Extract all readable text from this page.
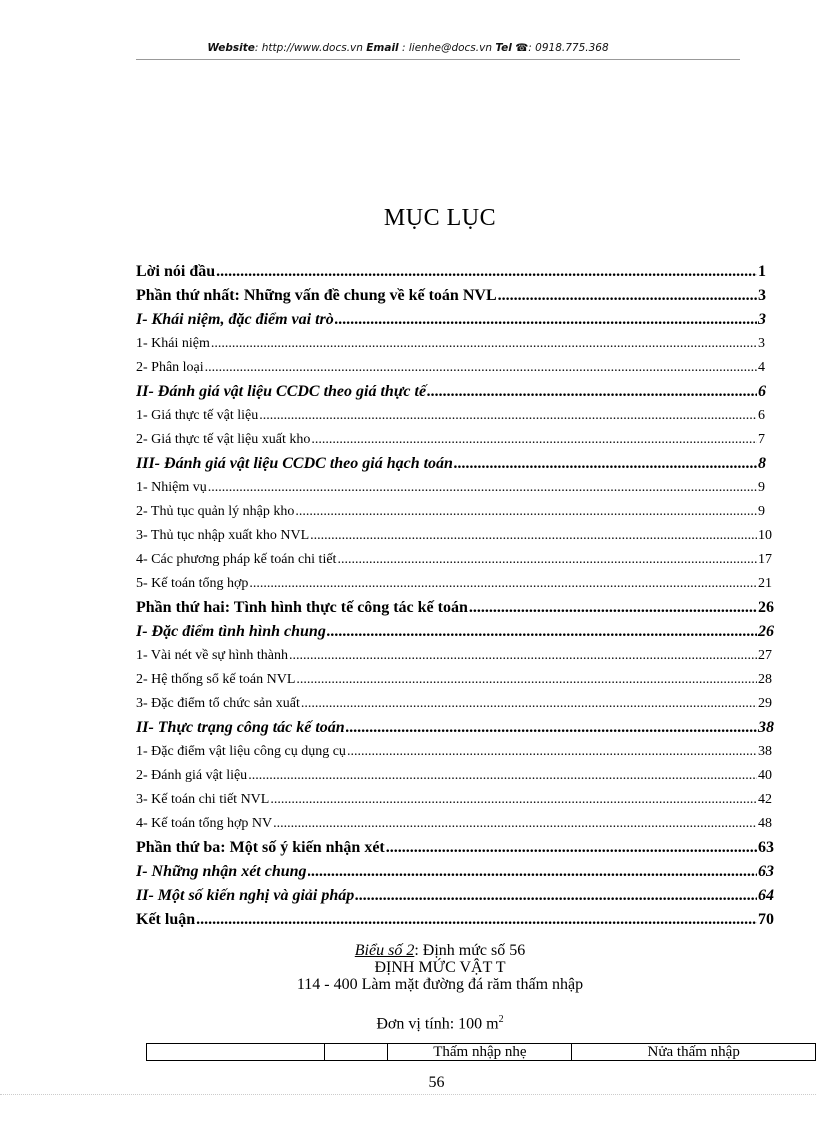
Website: http://www.docs.vn Email : lienhe@docs.vn Tel ☎: 0918.775.368
MỤC LỤC
Lời nói đầu .....	1
Phần thứ nhất: Những vấn đề chung về kế toán NVL .....	3
I- Khái niệm, đặc điểm vai trò .....	3
1- Khái niệm .....	3
2- Phân loại .....	4
II- Đánh giá vật liệu CCDC theo giá thực tế .....	6
1- Giá thực tế vật liệu .....	6
2- Giá thực tế vật liệu xuất kho .....	7
III- Đánh giá vật liệu CCDC theo giá hạch toán .....	8
1- Nhiệm vụ .....	9
2- Thủ tục quản lý nhập kho .....	9
3- Thủ tục nhập xuất kho NVL .....	10
4- Các phương pháp kế toán chi tiết .....	17
5- Kế toán tổng hợp .....	21
Phần thứ hai: Tình hình thực tế công tác kế toán .....	26
I- Đặc điểm tình hình chung .....	26
1- Vài nét về sự hình thành .....	27
2- Hệ thống sổ kế toán NVL .....	28
3- Đặc điểm tổ chức sản xuất .....	29
II- Thực trạng công tác kế toán .....	38
1- Đặc điểm vật liệu công cụ dụng cụ .....	38
2- Đánh giá vật liệu .....	40
3- Kế toán chi tiết NVL .....	42
4- Kế toán tổng hợp NV .....	48
Phần thứ ba: Một số ý kiến nhận xét .....	63
I- Những nhận xét chung .....	63
II- Một số kiến nghị và giải pháp .....	64
Kết luận .....	70
Biểu số 2: Định mức số 56
ĐỊNH MỨC VẬT T
114 - 400 Làm mặt đường đá răm thấm nhập
Đơn vị tính: 100 $m^2$
		Thấm nhập nhẹ	Nửa thấm nhập
56
